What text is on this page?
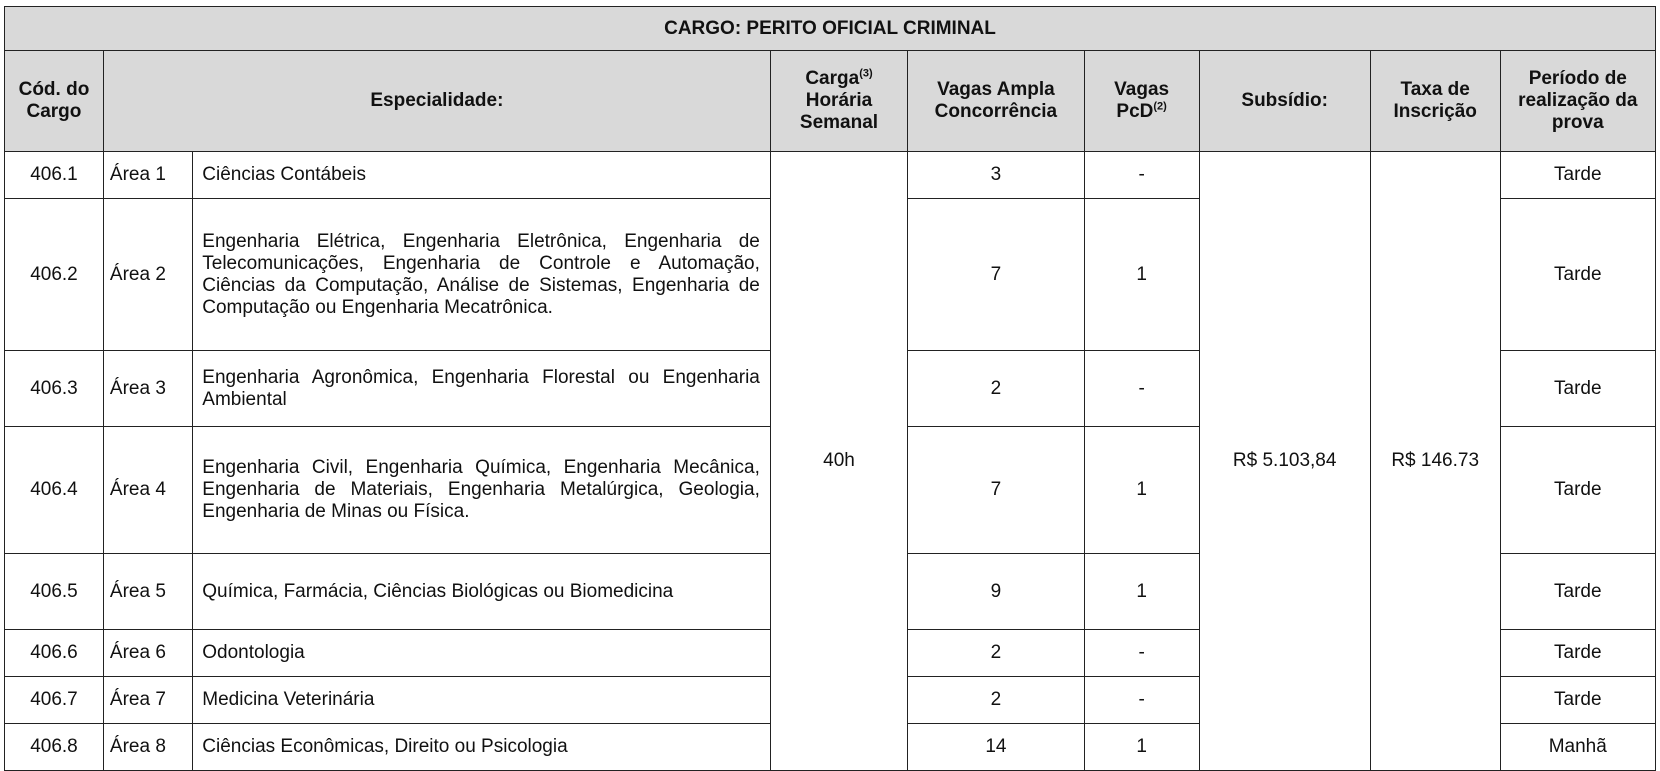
CARGO: PERITO OFICIAL CRIMINAL								
Cód. do Cargo	Especialidade:		Carga$^{(3)}$ Horária Semanal	Vagas Ampla Concorrência	Vagas PcD$^{(2)}$	Subsídio:	Taxa de Inscrição	Período de realização da prova
406.1	Área 1	Ciências Contábeis	40h	3	-	R$ 5.103,84	R$ 146.73	Tarde
406.2	Área 2	Engenharia Elétrica, Engenharia Eletrônica, Engenharia de Telecomunicações, Engenharia de Controle e Automação, Ciências da Computação, Análise de Sistemas, Engenharia de Computação ou Engenharia Mecatrônica.		7	1			Tarde
406.3	Área 3	Engenharia Agronômica, Engenharia Florestal ou Engenharia Ambiental		2	-			Tarde
406.4	Área 4	Engenharia Civil, Engenharia Química, Engenharia Mecânica, Engenharia de Materiais, Engenharia Metalúrgica, Geologia, Engenharia de Minas ou Física.		7	1			Tarde
406.5	Área 5	Química, Farmácia, Ciências Biológicas ou Biomedicina		9	1			Tarde
406.6	Área 6	Odontologia		2	-			Tarde
406.7	Área 7	Medicina Veterinária		2	-			Tarde
406.8	Área 8	Ciências Econômicas, Direito ou Psicologia		14	1			Manhã
